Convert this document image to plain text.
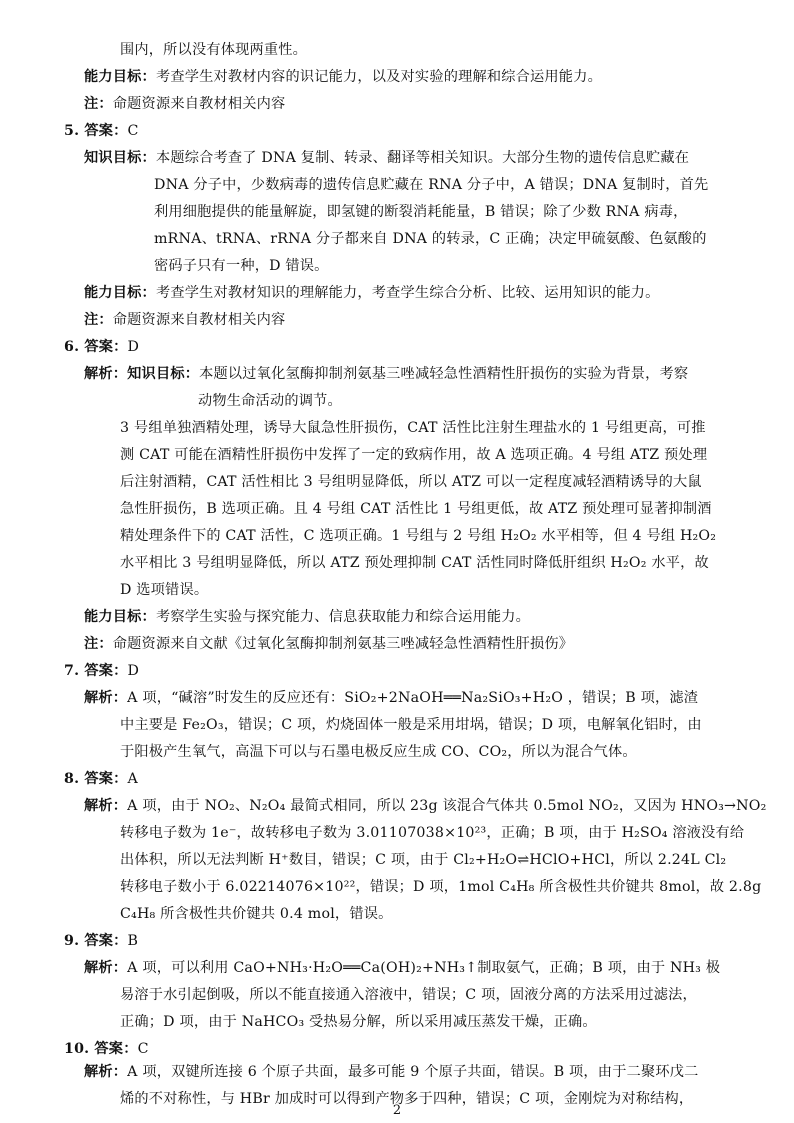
围内，所以没有体现两重性。
能力目标：考查学生对教材内容的识记能力，以及对实验的理解和综合运用能力。
注：命题资源来自教材相关内容
5. 答案：C
知识目标：本题综合考查了 DNA 复制、转录、翻译等相关知识。大部分生物的遗传信息贮藏在
DNA 分子中，少数病毒的遗传信息贮藏在 RNA 分子中，A 错误；DNA 复制时，首先
利用细胞提供的能量解旋，即氢键的断裂消耗能量，B 错误；除了少数 RNA 病毒，
mRNA、tRNA、rRNA 分子都来自 DNA 的转录，C 正确；决定甲硫氨酸、色氨酸的
密码子只有一种，D 错误。
能力目标：考查学生对教材知识的理解能力，考查学生综合分析、比较、运用知识的能力。
注：命题资源来自教材相关内容
6. 答案：D
解析：知识目标：本题以过氧化氢酶抑制剂氨基三唑减轻急性酒精性肝损伤的实验为背景，考察
动物生命活动的调节。
3 号组单独酒精处理，诱导大鼠急性肝损伤，CAT 活性比注射生理盐水的 1 号组更高，可推
测 CAT 可能在酒精性肝损伤中发挥了一定的致病作用，故 A 选项正确。4 号组 ATZ 预处理
后注射酒精，CAT 活性相比 3 号组明显降低，所以 ATZ 可以一定程度减轻酒精诱导的大鼠
急性肝损伤，B 选项正确。且 4 号组 CAT 活性比 1 号组更低，故 ATZ 预处理可显著抑制酒
精处理条件下的 CAT 活性，C 选项正确。1 号组与 2 号组 H₂O₂ 水平相等，但 4 号组 H₂O₂
水平相比 3 号组明显降低，所以 ATZ 预处理抑制 CAT 活性同时降低肝组织 H₂O₂ 水平，故
D 选项错误。
能力目标：考察学生实验与探究能力、信息获取能力和综合运用能力。
注：命题资源来自文献《过氧化氢酶抑制剂氨基三唑减轻急性酒精性肝损伤》
7. 答案：D
解析：A 项，“碱溶”时发生的反应还有：SiO₂+2NaOH══Na₂SiO₃+H₂O ，错误；B 项，滤渣
中主要是 Fe₂O₃，错误；C 项，灼烧固体一般是采用坩埚，错误；D 项，电解氧化铝时，由
于阳极产生氧气，高温下可以与石墨电极反应生成 CO、CO₂，所以为混合气体。
8. 答案：A
解析：A 项，由于 NO₂、N₂O₄ 最简式相同，所以 23g 该混合气体共 0.5mol NO₂，又因为 HNO₃→NO₂
转移电子数为 1e⁻，故转移电子数为 3.01107038×10²³，正确；B 项，由于 H₂SO₄ 溶液没有给
出体积，所以无法判断 H⁺数目，错误；C 项，由于 Cl₂+H₂O⇌HClO+HCl，所以 2.24L Cl₂
转移电子数小于 6.02214076×10²²，错误；D 项，1mol C₄H₈ 所含极性共价键共 8mol，故 2.8g
C₄H₈ 所含极性共价键共 0.4 mol，错误。
9. 答案：B
解析：A 项，可以利用 CaO+NH₃·H₂O══Ca(OH)₂+NH₃↑制取氨气，正确；B 项，由于 NH₃ 极
易溶于水引起倒吸，所以不能直接通入溶液中，错误；C 项，固液分离的方法采用过滤法，
正确；D 项，由于 NaHCO₃ 受热易分解，所以采用减压蒸发干燥，正确。
10. 答案：C
解析：A 项，双键所连接 6 个原子共面，最多可能 9 个原子共面，错误。B 项，由于二聚环戊二
烯的不对称性，与 HBr 加成时可以得到产物多于四种，错误；C 项，金刚烷为对称结构，
2
